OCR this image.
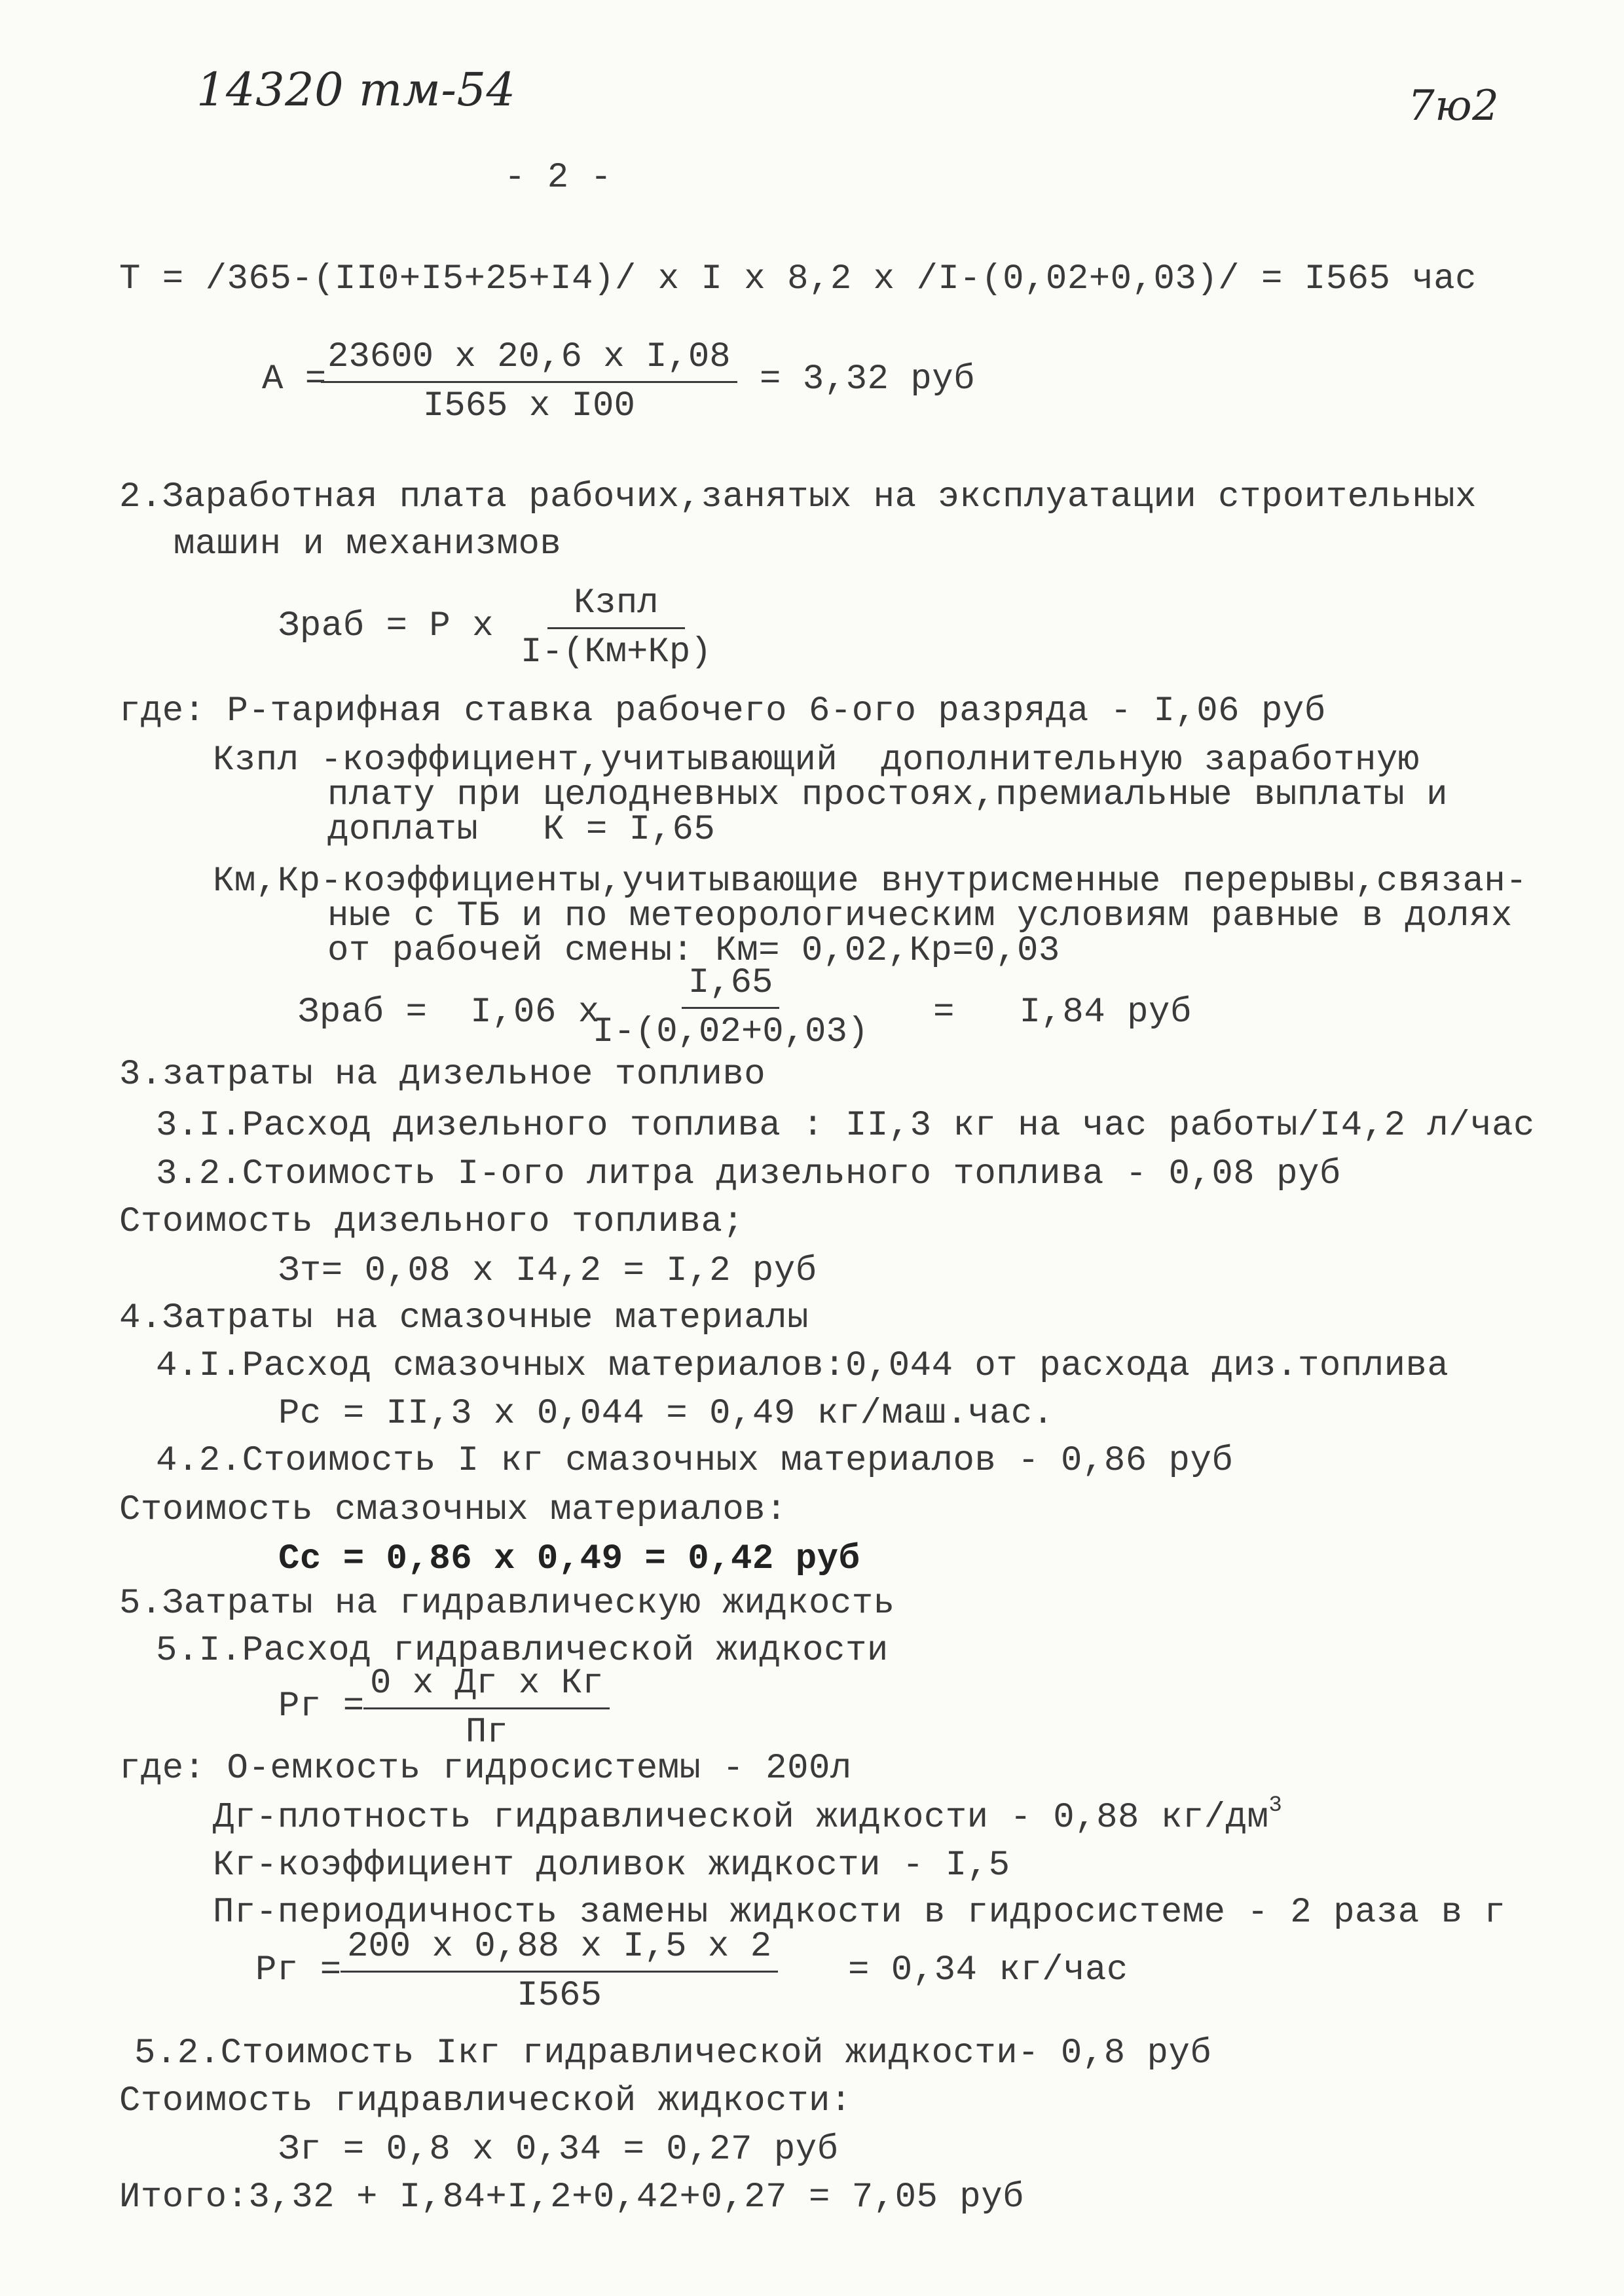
14320 тм-54	7ю2
- 2 -
T = /365-(II0+I5+25+I4)/ x I x 8,2 x /I-(0,02+0,03)/ = I565 час
A =
$\frac{\text{23600 x 20,6 x I,08}}{\text{I565 x I00}} = 3,32$ руб
2.Заработная плата рабочих,занятых на эксплуатации строительных
машин и механизмов
Зраб = P x
Кзпл
I-(Км+Кр)
где: P-тарифная ставка рабочего 6-ого разряда - I,06 руб
Кзпл -коэффициент,учитывающий  дополнительную заработную
плату при целодневных простоях,премиальные выплаты и
доплаты   К = I,65
Км,Кр-коэффициенты,учитывающие внутрисменные перерывы,связан-
ные с ТБ и по метеорологическим условиям равные в долях
от рабочей смены: Км= 0,02,Кр=0,03
Зраб =  I,06 x
$\frac{I,65}{I-(0,02+0,03)} = I,84$ руб
3.затраты на дизельное топливо
3.I.Расход дизельного топлива : II,3 кг на час работы/I4,2 л/час
3.2.Стоимость I-ого литра дизельного топлива - 0,08 руб
Стоимость дизельного топлива;
Зт= 0,08 x I4,2 = I,2 руб
4.Затраты на смазочные материалы
4.I.Расход смазочных материалов:0,044 от расхода диз.топлива
Рс = II,3 x 0,044 = 0,49 кг/маш.час.
4.2.Стоимость I кг смазочных материалов - 0,86 руб
Стоимость смазочных материалов:
Сс = 0,86 x 0,49 = 0,42 руб
5.Затраты на гидравлическую жидкость
5.I.Расход гидравлической жидкости
Рг =
0 x Дг x Кг
Пг
где: О-емкость гидросистемы - 200л
Дг-плотность гидравлической жидкости - 0,88 $кг/дм^3$
Кг-коэффициент доливок жидкости - I,5
Пг-периодичность замены жидкости в гидросистеме - 2 раза в г
Рг =
$\frac{\text{200 x 0,88 x I,5 x 2}}{I565} = 0,34$ кг/час
5.2.Стоимость Iкг гидравлической жидкости- 0,8 руб
Стоимость гидравлической жидкости:
Зг = 0,8 x 0,34 = 0,27 руб
Итого:3,32 + I,84+I,2+0,42+0,27 = 7,05 руб
